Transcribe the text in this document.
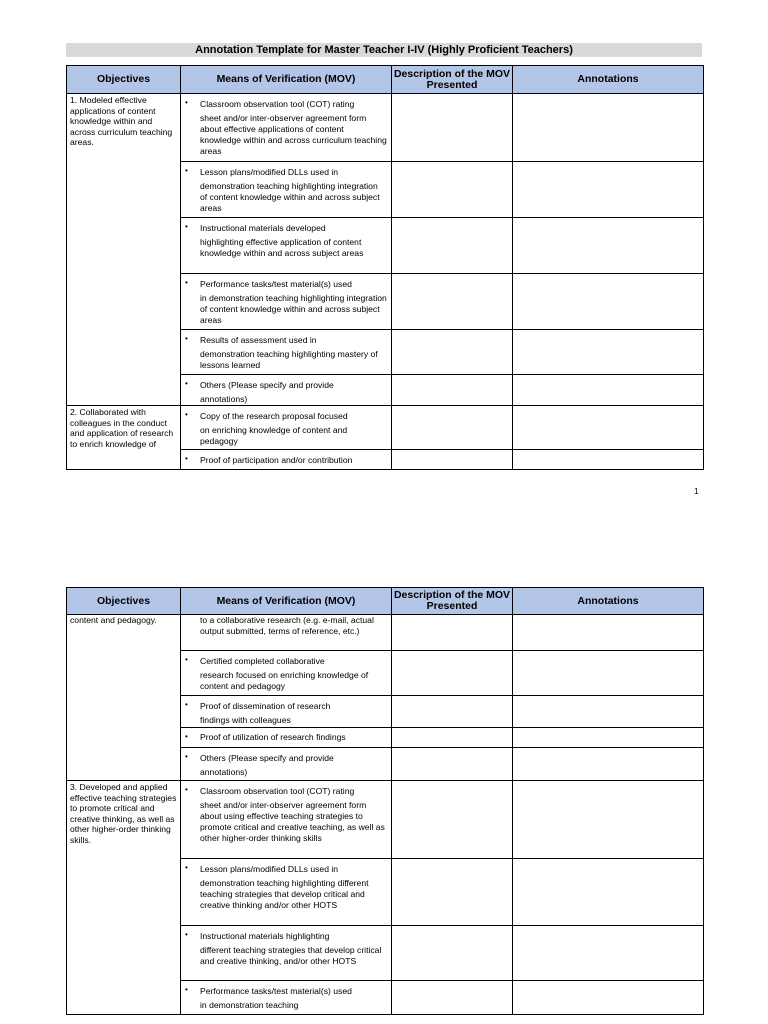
Annotation Template for Master Teacher I-IV (Highly Proficient Teachers)
Objectives	Means of Verification (MOV)	Description of the MOV Presented	Annotations

1. Modeled effective applications of content knowledge within and across curriculum teaching areas.	• Classroom observation tool (COT) rating
sheet and/or inter-observer agreement form about effective applications of content knowledge within and across curriculum teaching areas		

	• Lesson plans/modified DLLs used in
demonstration teaching highlighting integration of content knowledge within and across subject areas		

	• Instructional materials developed
highlighting effective application of content knowledge within and across subject areas		

	• Performance tasks/test material(s) used
in demonstration teaching highlighting integration of content knowledge within and across subject areas		

	• Results of assessment used in
demonstration teaching highlighting mastery of lessons learned		

	• Others (Please specify and provide
annotations)		

2. Collaborated with colleagues in the conduct and application of research to enrich knowledge of	• Copy of the research proposal focused
on enriching knowledge of content and pedagogy		

	• Proof of participation and/or contribution		

1
Objectives	Means of Verification (MOV)	Description of the MOV Presented	Annotations

content and pedagogy.	to a collaborative research (e.g. e-mail, actual output submitted, terms of reference, etc.)		

	• Certified completed collaborative
research focused on enriching knowledge of content and pedagogy		

	• Proof of dissemination of research
findings with colleagues		

	• Proof of utilization of research findings		

	• Others (Please specify and provide
annotations)		

3. Developed and applied effective teaching strategies to promote critical and creative thinking, as well as other higher-order thinking skills.	• Classroom observation tool (COT) rating
sheet and/or inter-observer agreement form about using effective teaching strategies to promote critical and creative teaching, as well as other higher-order thinking skills		

	• Lesson plans/modified DLLs used in
demonstration teaching highlighting different teaching strategies that develop critical and creative thinking and/or other HOTS		

	• Instructional materials highlighting
different teaching strategies that develop critical and creative thinking, and/or other HOTS		

	• Performance tasks/test material(s) used
in demonstration teaching		
